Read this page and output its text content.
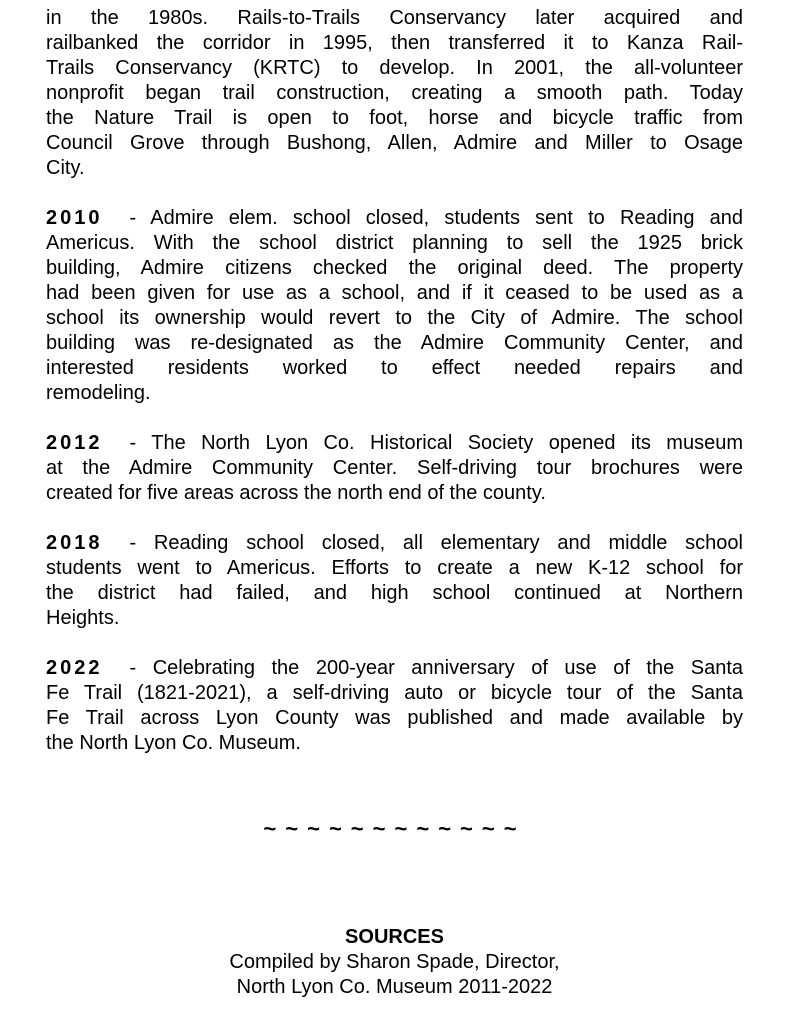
in the 1980s. Rails-to-Trails Conservancy later acquired and
railbanked the corridor in 1995, then transferred it to Kanza Rail-
Trails Conservancy (KRTC) to develop. In 2001, the all-volunteer
nonprofit began trail construction, creating a smooth path. Today
the Nature Trail is open to foot, horse and bicycle traffic from
Council Grove through Bushong, Allen, Admire and Miller to Osage
City.

2010 - Admire elem. school closed, students sent to Reading and
Americus. With the school district planning to sell the 1925 brick
building, Admire citizens checked the original deed. The property
had been given for use as a school, and if it ceased to be used as a
school its ownership would revert to the City of Admire. The school
building was re-designated as the Admire Community Center, and
interested residents worked to effect needed repairs and
remodeling.

2012 - The North Lyon Co. Historical Society opened its museum
at the Admire Community Center. Self-driving tour brochures were
created for five areas across the north end of the county.

2018 - Reading school closed, all elementary and middle school
students went to Americus. Efforts to create a new K-12 school for
the district had failed, and high school continued at Northern
Heights.

2022 - Celebrating the 200-year anniversary of use of the Santa
Fe Trail (1821-2021), a self-driving auto or bicycle tour of the Santa
Fe Trail across Lyon County was published and made available by
the North Lyon Co. Museum.

~~~~~~~~~~~~
SOURCES
Compiled by Sharon Spade, Director,
North Lyon Co. Museum 2011-2022
